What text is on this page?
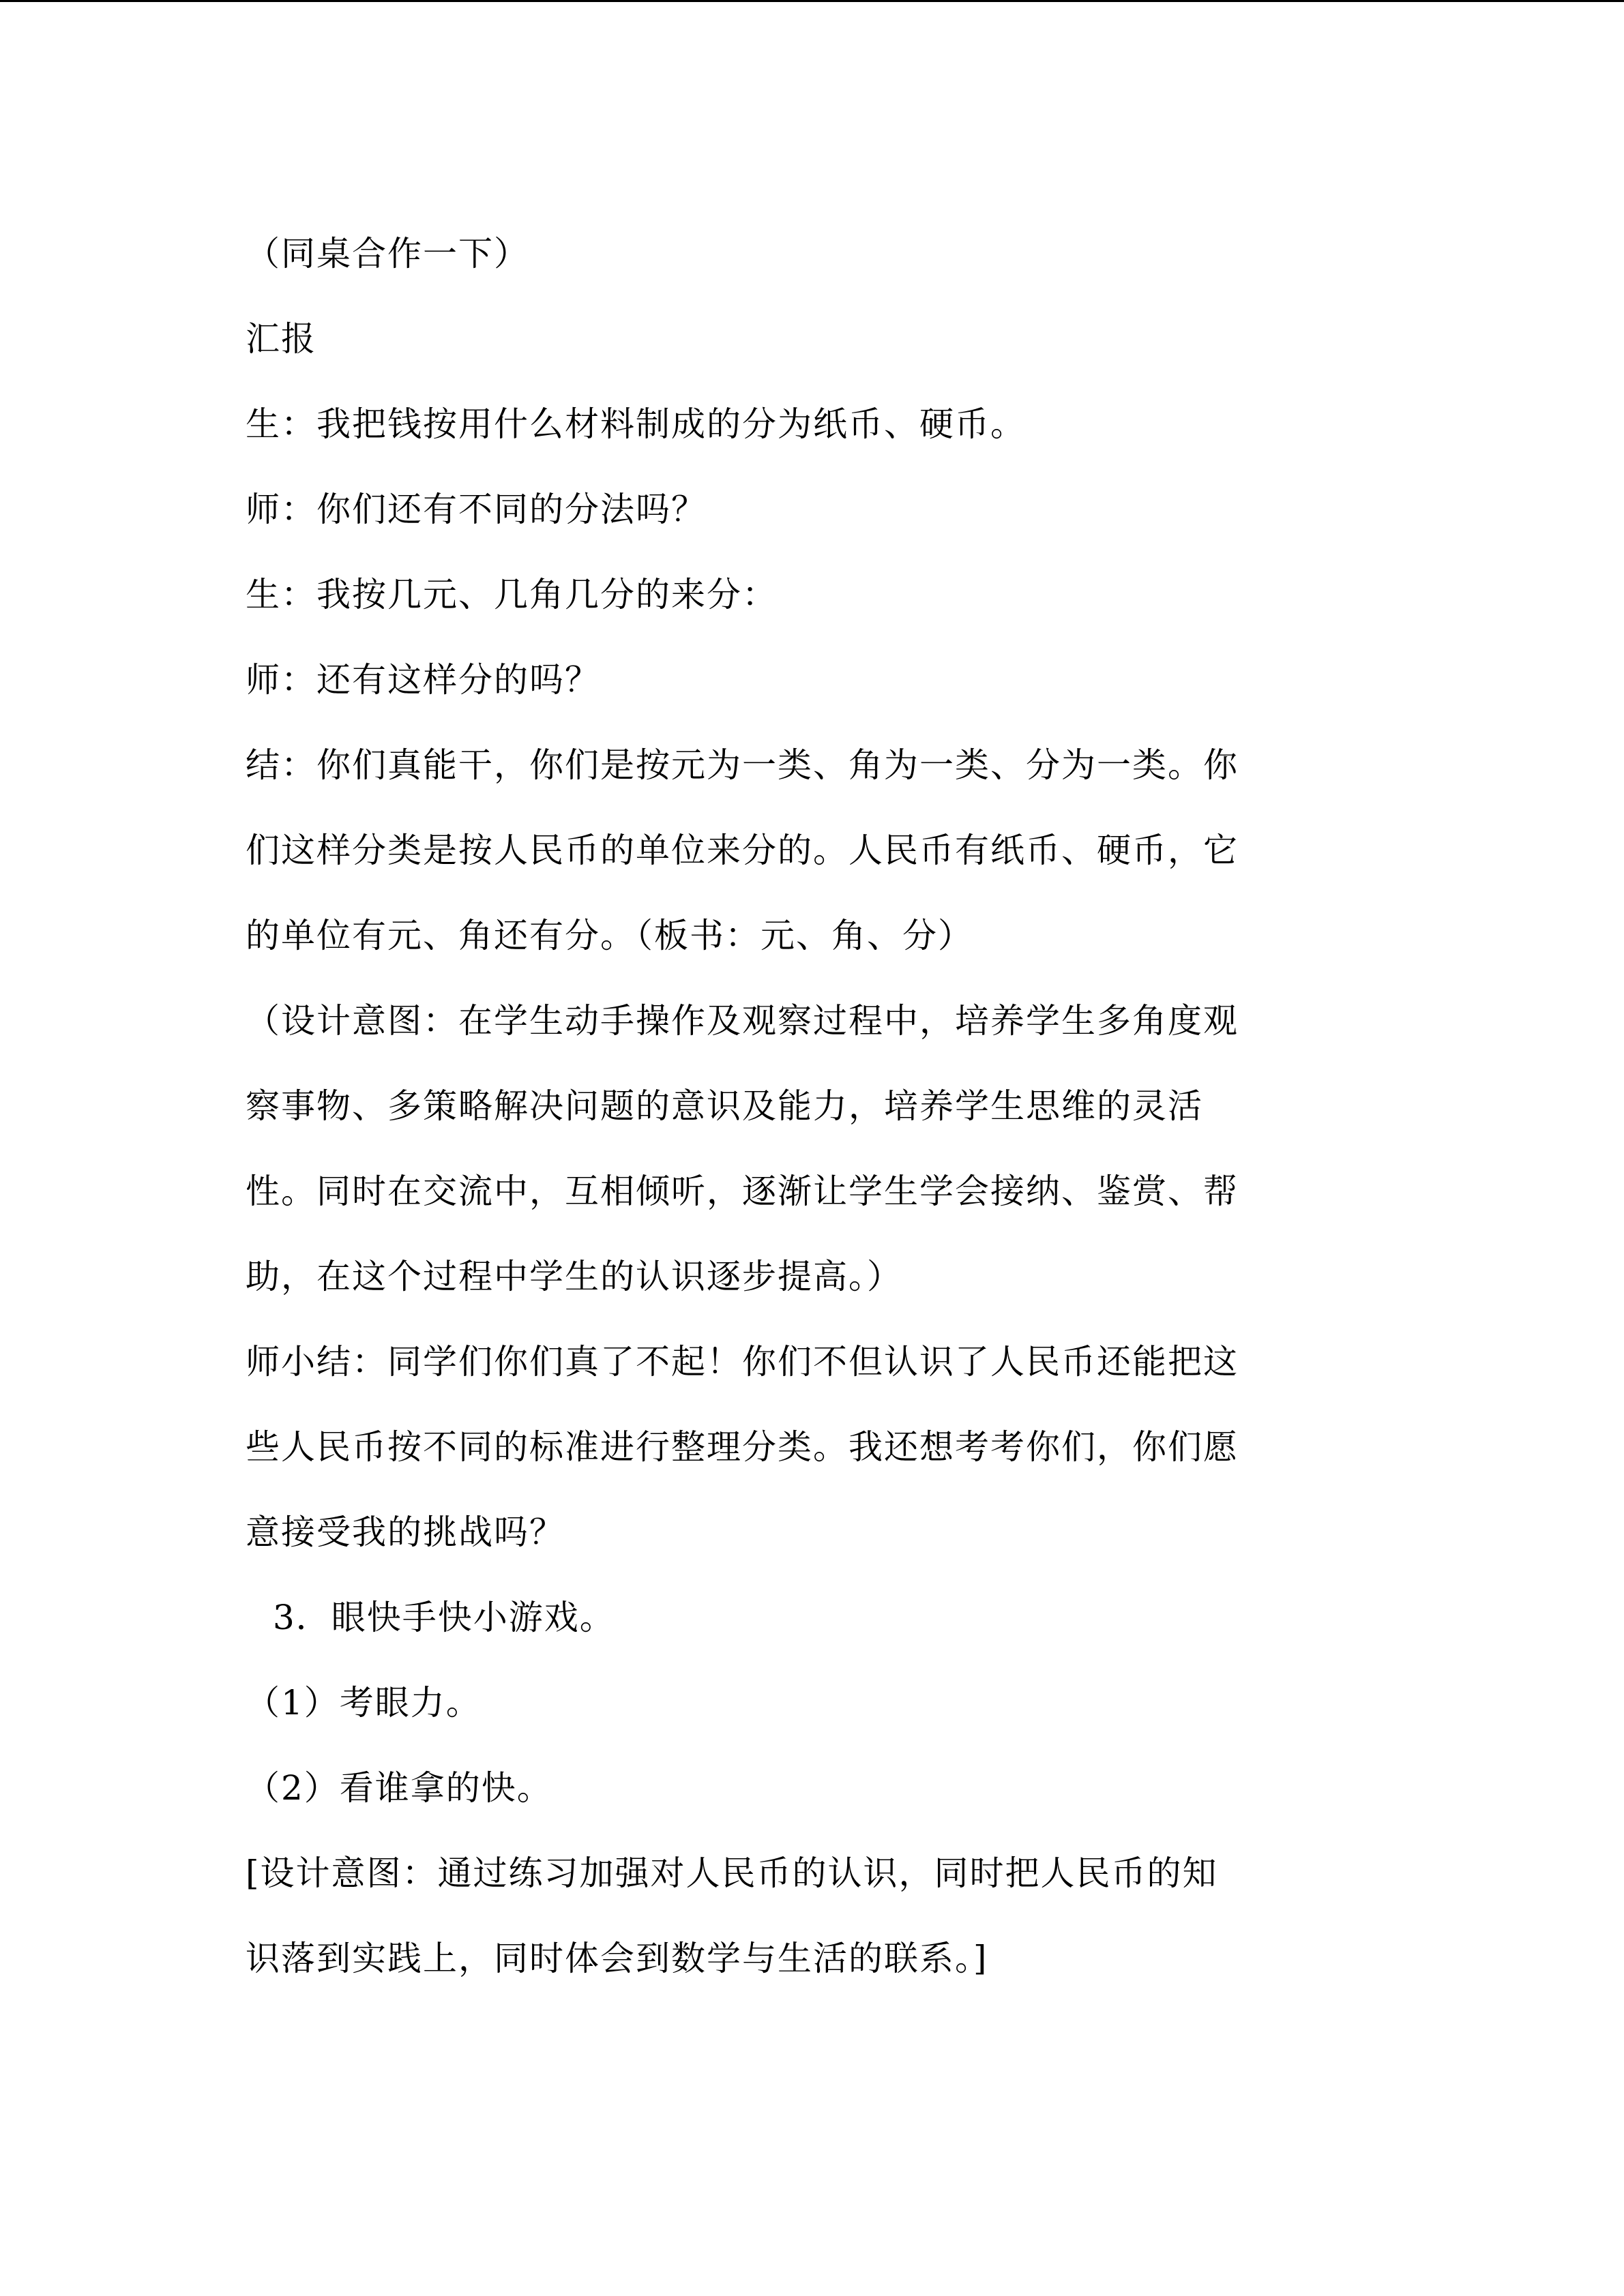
（同桌合作一下）
汇报
生：我把钱按用什么材料制成的分为纸币、硬币。
师：你们还有不同的分法吗？
生：我按几元、几角几分的来分：
师：还有这样分的吗？
结：你们真能干，你们是按元为一类、角为一类、分为一类。你
们这样分类是按人民币的单位来分的。人民币有纸币、硬币，它
的单位有元、角还有分。（板书：元、角、分）
（设计意图：在学生动手操作及观察过程中，培养学生多角度观
察事物、多策略解决问题的意识及能力，培养学生思维的灵活
性。同时在交流中，互相倾听，逐渐让学生学会接纳、鉴赏、帮
助，在这个过程中学生的认识逐步提高。）
师小结：同学们你们真了不起！你们不但认识了人民币还能把这
些人民币按不同的标准进行整理分类。我还想考考你们，你们愿
意接受我的挑战吗？
3．眼快手快小游戏。
（1）考眼力。
（2）看谁拿的快。
[设计意图：通过练习加强对人民币的认识，同时把人民币的知
识落到实践上，同时体会到数学与生活的联系。]
